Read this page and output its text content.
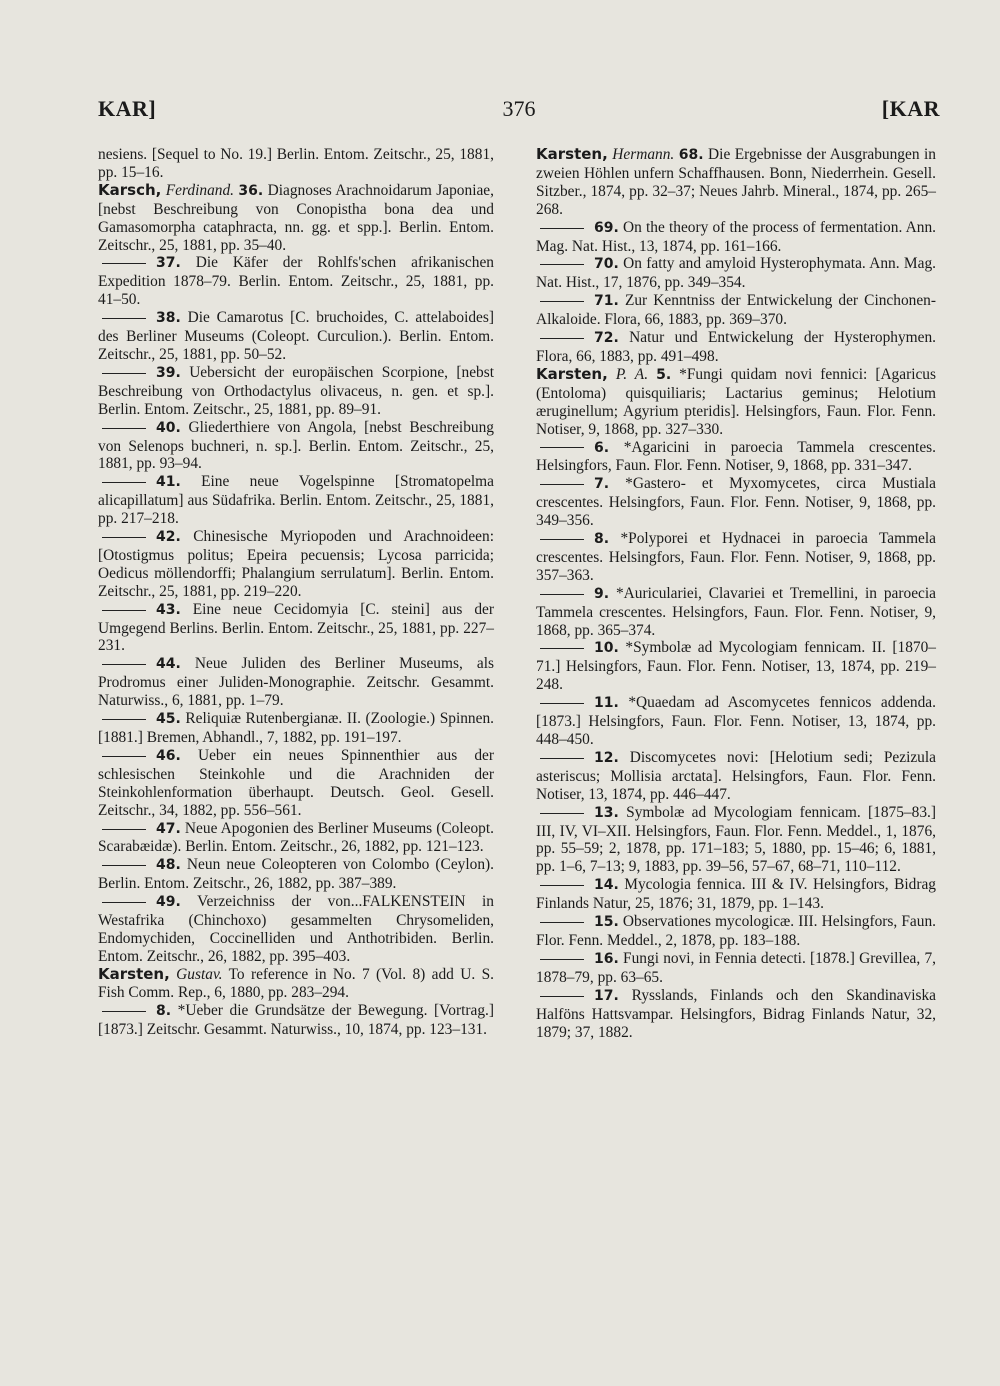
KAR]	376	[KAR

nesiens. [Sequel to No. 19.] Berlin. Entom. Zeitschr., 25, 1881, pp. 15–16.

Karsch, Ferdinand. 36. Diagnoses Arachnoidarum Japoniae, [nebst Beschreibung von Conopistha bona dea und Gamasomorpha cataphracta, nn. gg. et spp.]. Berlin. Entom. Zeitschr., 25, 1881, pp. 35–40.

37. Die Käfer der Rohlfs'schen afrikanischen Expedition 1878–79. Berlin. Entom. Zeitschr., 25, 1881, pp. 41–50.

38. Die Camarotus [C. bruchoides, C. attelaboides] des Berliner Museums (Coleopt. Curculion.). Berlin. Entom. Zeitschr., 25, 1881, pp. 50–52.

39. Uebersicht der europäischen Scorpione, [nebst Beschreibung von Orthodactylus olivaceus, n. gen. et sp.]. Berlin. Entom. Zeitschr., 25, 1881, pp. 89–91.

40. Gliederthiere von Angola, [nebst Beschreibung von Selenops buchneri, n. sp.]. Berlin. Entom. Zeitschr., 25, 1881, pp. 93–94.

41. Eine neue Vogelspinne [Stromatopelma alicapillatum] aus Südafrika. Berlin. Entom. Zeitschr., 25, 1881, pp. 217–218.

42. Chinesische Myriopoden und Arachnoideen: [Otostigmus politus; Epeira pecuensis; Lycosa parricida; Oedicus möllendorffi; Phalangium serrulatum]. Berlin. Entom. Zeitschr., 25, 1881, pp. 219–220.

43. Eine neue Cecidomyia [C. steini] aus der Umgegend Berlins. Berlin. Entom. Zeitschr., 25, 1881, pp. 227–231.

44. Neue Juliden des Berliner Museums, als Prodromus einer Juliden-Monographie. Zeitschr. Gesammt. Naturwiss., 6, 1881, pp. 1–79.

45. Reliquiæ Rutenbergianæ. II. (Zoologie.) Spinnen. [1881.] Bremen, Abhandl., 7, 1882, pp. 191–197.

46. Ueber ein neues Spinnenthier aus der schlesischen Steinkohle und die Arachniden der Steinkohlenformation überhaupt. Deutsch. Geol. Gesell. Zeitschr., 34, 1882, pp. 556–561.

47. Neue Apogonien des Berliner Museums (Coleopt. Scarabæidæ). Berlin. Entom. Zeitschr., 26, 1882, pp. 121–123.

48. Neun neue Coleopteren von Colombo (Ceylon). Berlin. Entom. Zeitschr., 26, 1882, pp. 387–389.

49. Verzeichniss der von...FALKENSTEIN in Westafrika (Chinchoxo) gesammelten Chrysomeliden, Endomychiden, Coccinelliden und Anthotribiden. Berlin. Entom. Zeitschr., 26, 1882, pp. 395–403.

Karsten, Gustav. To reference in No. 7 (Vol. 8) add U. S. Fish Comm. Rep., 6, 1880, pp. 283–294.

8. *Ueber die Grundsätze der Bewegung. [Vortrag.] [1873.] Zeitschr. Gesammt. Naturwiss., 10, 1874, pp. 123–131.

Karsten, Hermann. 68. Die Ergebnisse der Ausgrabungen in zweien Höhlen unfern Schaffhausen. Bonn, Niederrhein. Gesell. Sitzber., 1874, pp. 32–37; Neues Jahrb. Mineral., 1874, pp. 265–268.

69. On the theory of the process of fermentation. Ann. Mag. Nat. Hist., 13, 1874, pp. 161–166.

70. On fatty and amyloid Hysterophymata. Ann. Mag. Nat. Hist., 17, 1876, pp. 349–354.

71. Zur Kenntniss der Entwickelung der Cinchonen-Alkaloide. Flora, 66, 1883, pp. 369–370.

72. Natur und Entwickelung der Hysterophymen. Flora, 66, 1883, pp. 491–498.

Karsten, P. A. 5. *Fungi quidam novi fennici: [Agaricus (Entoloma) quisquiliaris; Lactarius geminus; Helotium æruginellum; Agyrium pteridis]. Helsingfors, Faun. Flor. Fenn. Notiser, 9, 1868, pp. 327–330.

6. *Agaricini in paroecia Tammela crescentes. Helsingfors, Faun. Flor. Fenn. Notiser, 9, 1868, pp. 331–347.

7. *Gastero- et Myxomycetes, circa Mustiala crescentes. Helsingfors, Faun. Flor. Fenn. Notiser, 9, 1868, pp. 349–356.

8. *Polyporei et Hydnacei in paroecia Tammela crescentes. Helsingfors, Faun. Flor. Fenn. Notiser, 9, 1868, pp. 357–363.

9. *Auricularieі, Clavariei et Tremellini, in paroecia Tammela crescentes. Helsingfors, Faun. Flor. Fenn. Notiser, 9, 1868, pp. 365–374.

10. *Symbolæ ad Mycologiam fennicam. II. [1870–71.] Helsingfors, Faun. Flor. Fenn. Notiser, 13, 1874, pp. 219–248.

11. *Quaedam ad Ascomycetes fennicos addenda. [1873.] Helsingfors, Faun. Flor. Fenn. Notiser, 13, 1874, pp. 448–450.

12. Discomycetes novi: [Helotium sedi; Pezizula asteriscus; Mollisia arctata]. Helsingfors, Faun. Flor. Fenn. Notiser, 13, 1874, pp. 446–447.

13. Symbolæ ad Mycologiam fennicam. [1875–83.] III, IV, VI–XII. Helsingfors, Faun. Flor. Fenn. Meddel., 1, 1876, pp. 55–59; 2, 1878, pp. 171–183; 5, 1880, pp. 15–46; 6, 1881, pp. 1–6, 7–13; 9, 1883, pp. 39–56, 57–67, 68–71, 110–112.

14. Mycologia fennica. III & IV. Helsingfors, Bidrag Finlands Natur, 25, 1876; 31, 1879, pp. 1–143.

15. Observationes mycologicæ. III. Helsingfors, Faun. Flor. Fenn. Meddel., 2, 1878, pp. 183–188.

16. Fungi novi, in Fennia detecti. [1878.] Grevillea, 7, 1878–79, pp. 63–65.

17. Rysslands, Finlands och den Skandinaviska Halföns Hattsvampar. Helsingfors, Bidrag Finlands Natur, 32, 1879; 37, 1882.
